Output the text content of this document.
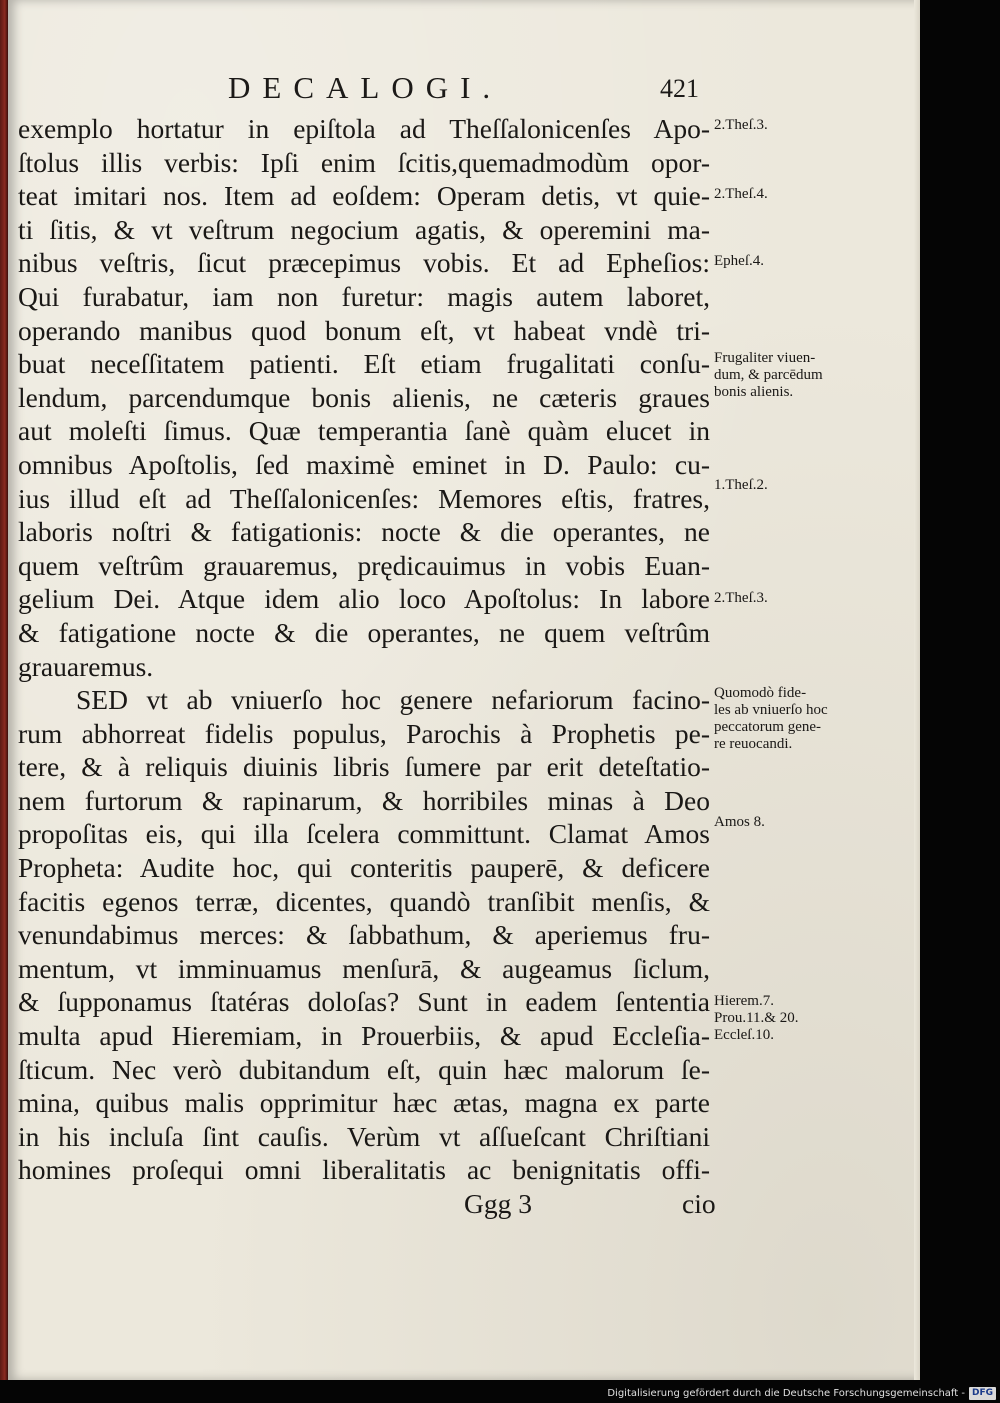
DECALOGI.	421
exemplo hortatur in epiſtola ad Theſſalonicenſes Apo-
ſtolus illis verbis: Ipſi enim ſcitis,quemadmodùm opor-
teat imitari nos. Item ad eoſdem: Operam detis, vt quie-
ti ſitis, & vt veſtrum negocium agatis, & operemini ma-
nibus veſtris, ſicut præcepimus vobis. Et ad Epheſios:
Qui furabatur, iam non furetur: magis autem laboret,
operando manibus quod bonum eſt, vt habeat vndè tri-
buat neceſſitatem patienti. Eſt etiam frugalitati conſu-
lendum, parcendumque bonis alienis, ne cæteris graues
aut moleſti ſimus. Quæ temperantia ſanè quàm elucet in
omnibus Apoſtolis, ſed maximè eminet in D. Paulo: cu-
ius illud eſt ad Theſſalonicenſes: Memores eſtis, fratres,
laboris noſtri & fatigationis: nocte & die operantes, ne
quem veſtrûm grauaremus, prędicauimus in vobis Euan-
gelium Dei. Atque idem alio loco Apoſtolus: In labore
& fatigatione nocte & die operantes, ne quem veſtrûm
grauaremus.
SED vt ab vniuerſo hoc genere nefariorum facino-
rum abhorreat fidelis populus, Parochis à Prophetis pe-
tere, & à reliquis diuinis libris ſumere par erit deteſtatio-
nem furtorum & rapinarum, & horribiles minas à Deo
propoſitas eis, qui illa ſcelera committunt. Clamat Amos
Propheta: Audite hoc, qui conteritis pauperē, & deficere
facitis egenos terræ, dicentes, quandò tranſibit menſis, &
venundabimus merces: & ſabbathum, & aperiemus fru-
mentum, vt imminuamus menſurā, & augeamus ſiclum,
& ſupponamus ſtatéras doloſas? Sunt in eadem ſententia
multa apud Hieremiam, in Prouerbiis, & apud Eccleſia-
ſticum. Nec verò dubitandum eſt, quin hæc malorum ſe-
mina, quibus malis opprimitur hæc ætas, magna ex parte
in his incluſa ſint cauſis. Verùm vt aſſueſcant Chriſtiani
homines proſequi omni liberalitatis ac benignitatis offi-
Ggg 3	cio

2.Theſ.3.

2.Theſ.4.

Epheſ.4.

Frugaliter viuen-
dum, & parcēdum
bonis alienis.

1.Theſ.2.

2.Theſ.3.

Quomodò fide-
les ab vniuerſo hoc
peccatorum gene-
re reuocandi.

Amos 8.

Hierem.7.
Prou.11.& 20.
Eccleſ.10.

Digitalisierung gefördert durch die Deutsche Forschungsgemeinschaft - DFG
